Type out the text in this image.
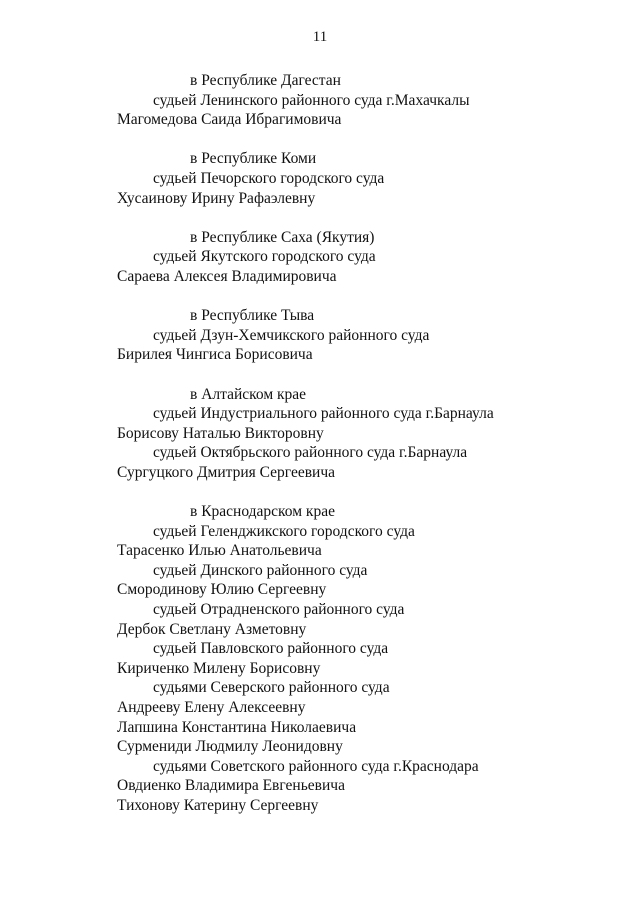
11
в Республике Дагестан
судьей Ленинского районного суда г.Махачкалы
Магомедова Саида Ибрагимовича
в Республике Коми
судьей Печорского городского суда
Хусаинову Ирину Рафаэлевну
в Республике Саха (Якутия)
судьей Якутского городского суда
Сараева Алексея Владимировича
в Республике Тыва
судьей Дзун-Хемчикского районного суда
Бирилея Чингиса Борисовича
в Алтайском крае
судьей Индустриального районного суда г.Барнаула
Борисову Наталью Викторовну
судьей Октябрьского районного суда г.Барнаула
Сургуцкого Дмитрия Сергеевича
в Краснодарском крае
судьей Геленджикского городского суда
Тарасенко Илью Анатольевича
судьей Динского районного суда
Смородинову Юлию Сергеевну
судьей Отрадненского районного суда
Дербок Светлану Азметовну
судьей Павловского районного суда
Кириченко Милену Борисовну
судьями Северского районного суда
Андрееву Елену Алексеевну
Лапшина Константина Николаевича
Сурмениди Людмилу Леонидовну
судьями Советского районного суда г.Краснодара
Овдиенко Владимира Евгеньевича
Тихонову Катерину Сергеевну
